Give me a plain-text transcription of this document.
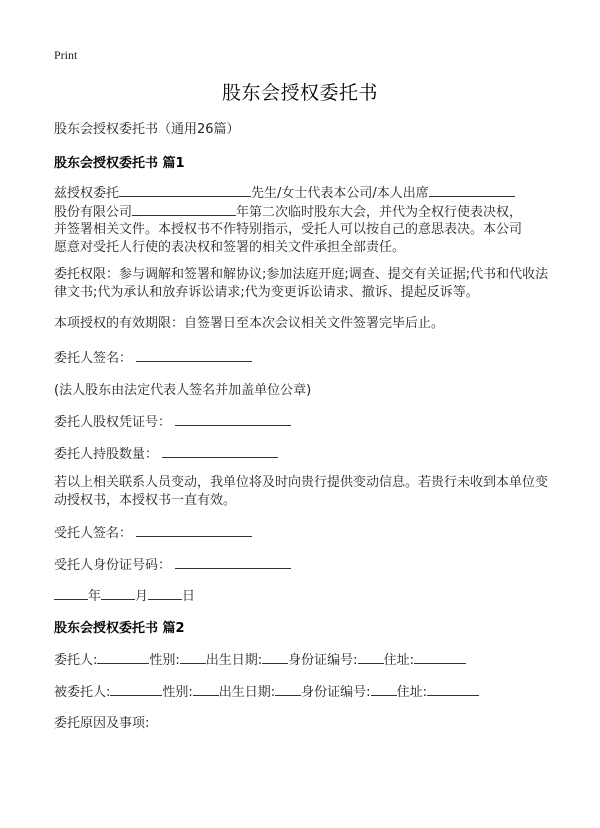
Print
股东会授权委托书
股东会授权委托书（通用26篇）
股东会授权委托书 篇1
兹授权委托	先生/女士代表本公司/本人出席
股份有限公司	年第二次临时股东大会，并代为全权行使表决权，
并签署相关文件。本授权书不作特别指示，受托人可以按自己的意思表决。本公司
愿意对受托人行使的表决权和签署的相关文件承担全部责任。
委托权限：参与调解和签署和解协议;参加法庭开庭;调查、提交有关证据;代书和代收法律文书;代为承认和放弃诉讼请求;代为变更诉讼请求、撤诉、提起反诉等。
本项授权的有效期限：自签署日至本次会议相关文件签署完毕后止。
委托人签名：
(法人股东由法定代表人签名并加盖单位公章)
委托人股权凭证号：
委托人持股数量：
若以上相关联系人员变动，我单位将及时向贵行提供变动信息。若贵行未收到本单位变动授权书，本授权书一直有效。
受托人签名：
受托人身份证号码：
年	月	日
股东会授权委托书 篇2
委托人:	性别: 出生日期: 身份证编号: 住址:
被委托人:	性别: 出生日期: 身份证编号: 住址:
委托原因及事项:
